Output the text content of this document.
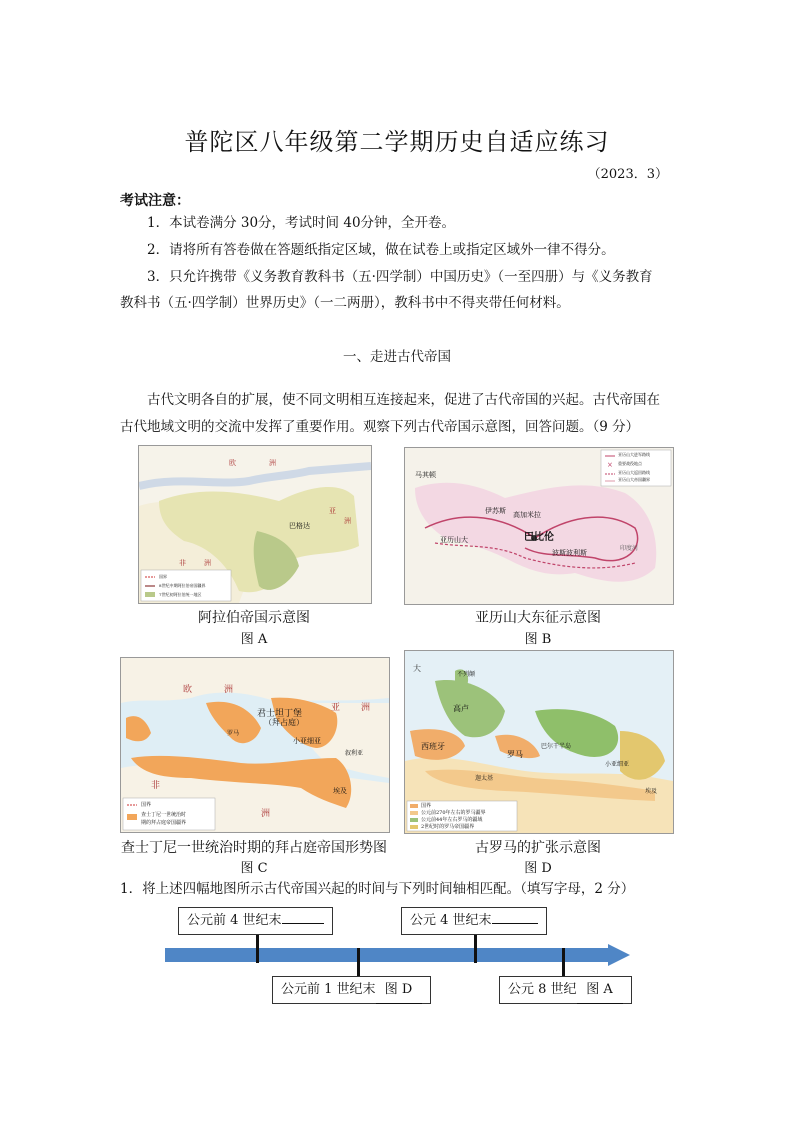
普陀区八年级第二学期历史自适应练习
（2023．3）
考试注意：
1．本试卷满分 30分，考试时间 40分钟，全开卷。
2．请将所有答卷做在答题纸指定区域，做在试卷上或指定区域外一律不得分。
3．只允许携带《义务教育教科书（五·四学制）中国历史》（一至四册）与《义务教育
教科书（五·四学制）世界历史》（一二两册），教科书中不得夹带任何材料。
一、走进古代帝国
古代文明各自的扩展，使不同文明相互连接起来，促进了古代帝国的兴起。古代帝国在
古代地域文明的交流中发挥了重要作用。观察下列古代帝国示意图，回答问题。（9 分）
欧	洲
亚
洲
非	洲
巴格达
国界
8世纪中期阿拉伯帝国疆界
7世纪初阿拉伯统一地区
阿拉伯帝国示意图
图 A
×
马其顿
伊苏斯 高加米拉
巴比伦
亚历山大
波斯波利斯
印度河
亚历山大进军路线
重要战役地点
亚历山大返回路线
亚历山大帝国疆界
亚历山大东征示意图
图 B
欧	洲
君士坦丁堡
（拜占庭）
亚 洲
小亚细亚
叙利亚
非
洲
埃及
罗马
国界
查士丁尼一世统治时
期的拜占庭帝国疆界
查士丁尼一世统治时期的拜占庭帝国形势图
图 C
大
不列颠
高卢
西班牙
罗马
迦太基
巴尔干半岛
小亚细亚
埃及
国界
公元前270年左右的罗马疆界
公元前44年左右罗马的疆域
2世纪时的罗马帝国疆界
古罗马的扩张示意图
图 D
1．将上述四幅地图所示古代帝国兴起的时间与下列时间轴相匹配。（填写字母，2 分）
公元前 4 世纪末	公元 4 世纪末
公元前 1 世纪末 图 D	公元 8 世纪 图 A
